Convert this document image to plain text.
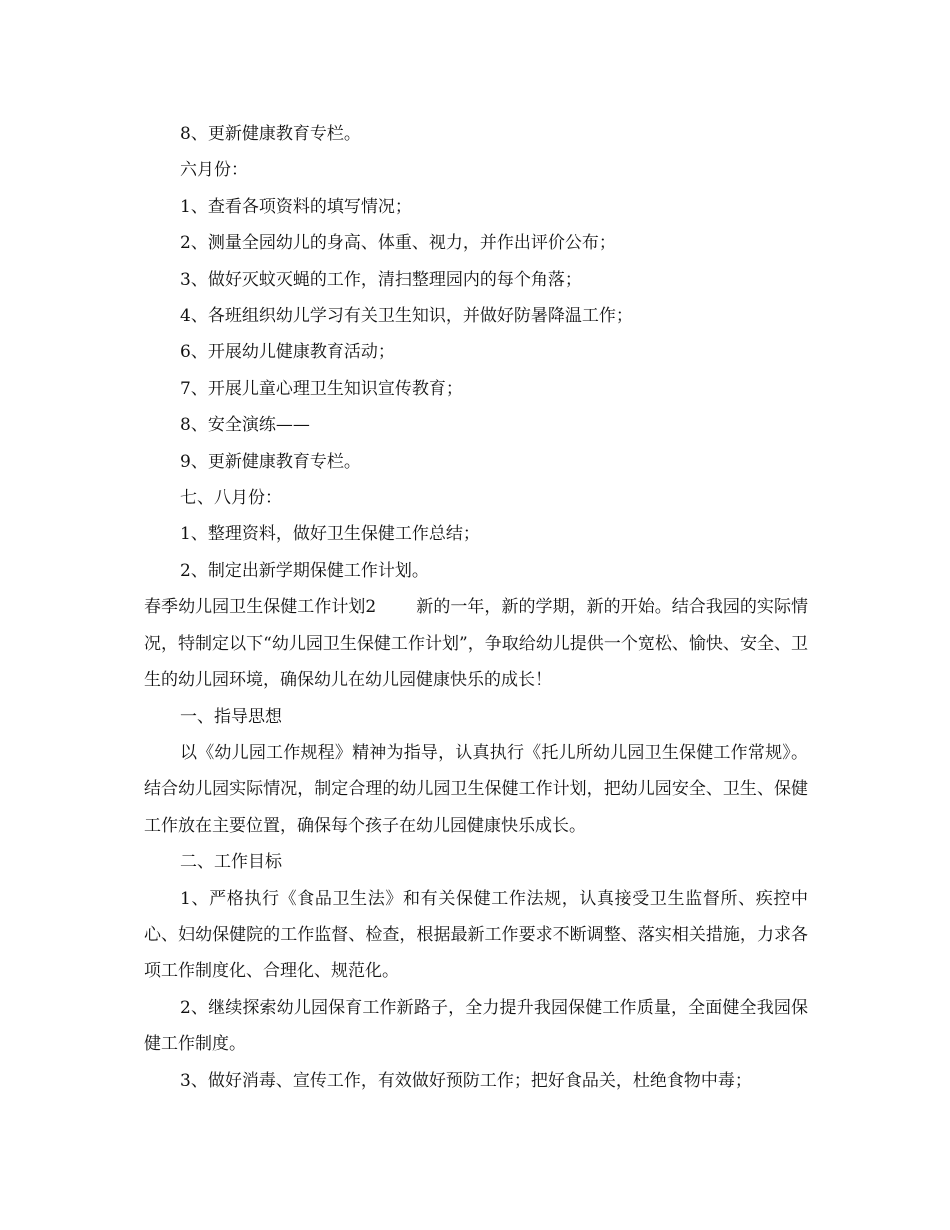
8、更新健康教育专栏。

六月份：

1、查看各项资料的填写情况；

2、测量全园幼儿的身高、体重、视力，并作出评价公布；

3、做好灭蚊灭蝇的工作，清扫整理园内的每个角落；

4、各班组织幼儿学习有关卫生知识，并做好防暑降温工作；

6、开展幼儿健康教育活动；

7、开展儿童心理卫生知识宣传教育；

8、安全演练——

9、更新健康教育专栏。

七、八月份：

1、整理资料，做好卫生保健工作总结；

2、制定出新学期保健工作计划。

春季幼儿园卫生保健工作计划2 新的一年，新的学期，新的开始。结合我园的实际情况，特制定以下“幼儿园卫生保健工作计划”，争取给幼儿提供一个宽松、愉快、安全、卫生的幼儿园环境，确保幼儿在幼儿园健康快乐的成长！

一、指导思想

以《幼儿园工作规程》精神为指导，认真执行《托儿所幼儿园卫生保健工作常规》。结合幼儿园实际情况，制定合理的幼儿园卫生保健工作计划，把幼儿园安全、卫生、保健工作放在主要位置，确保每个孩子在幼儿园健康快乐成长。

二、工作目标

1、严格执行《食品卫生法》和有关保健工作法规，认真接受卫生监督所、疾控中心、妇幼保健院的工作监督、检查，根据最新工作要求不断调整、落实相关措施，力求各项工作制度化、合理化、规范化。

2、继续探索幼儿园保育工作新路子，全力提升我园保健工作质量，全面健全我园保健工作制度。

3、做好消毒、宣传工作，有效做好预防工作；把好食品关，杜绝食物中毒；
